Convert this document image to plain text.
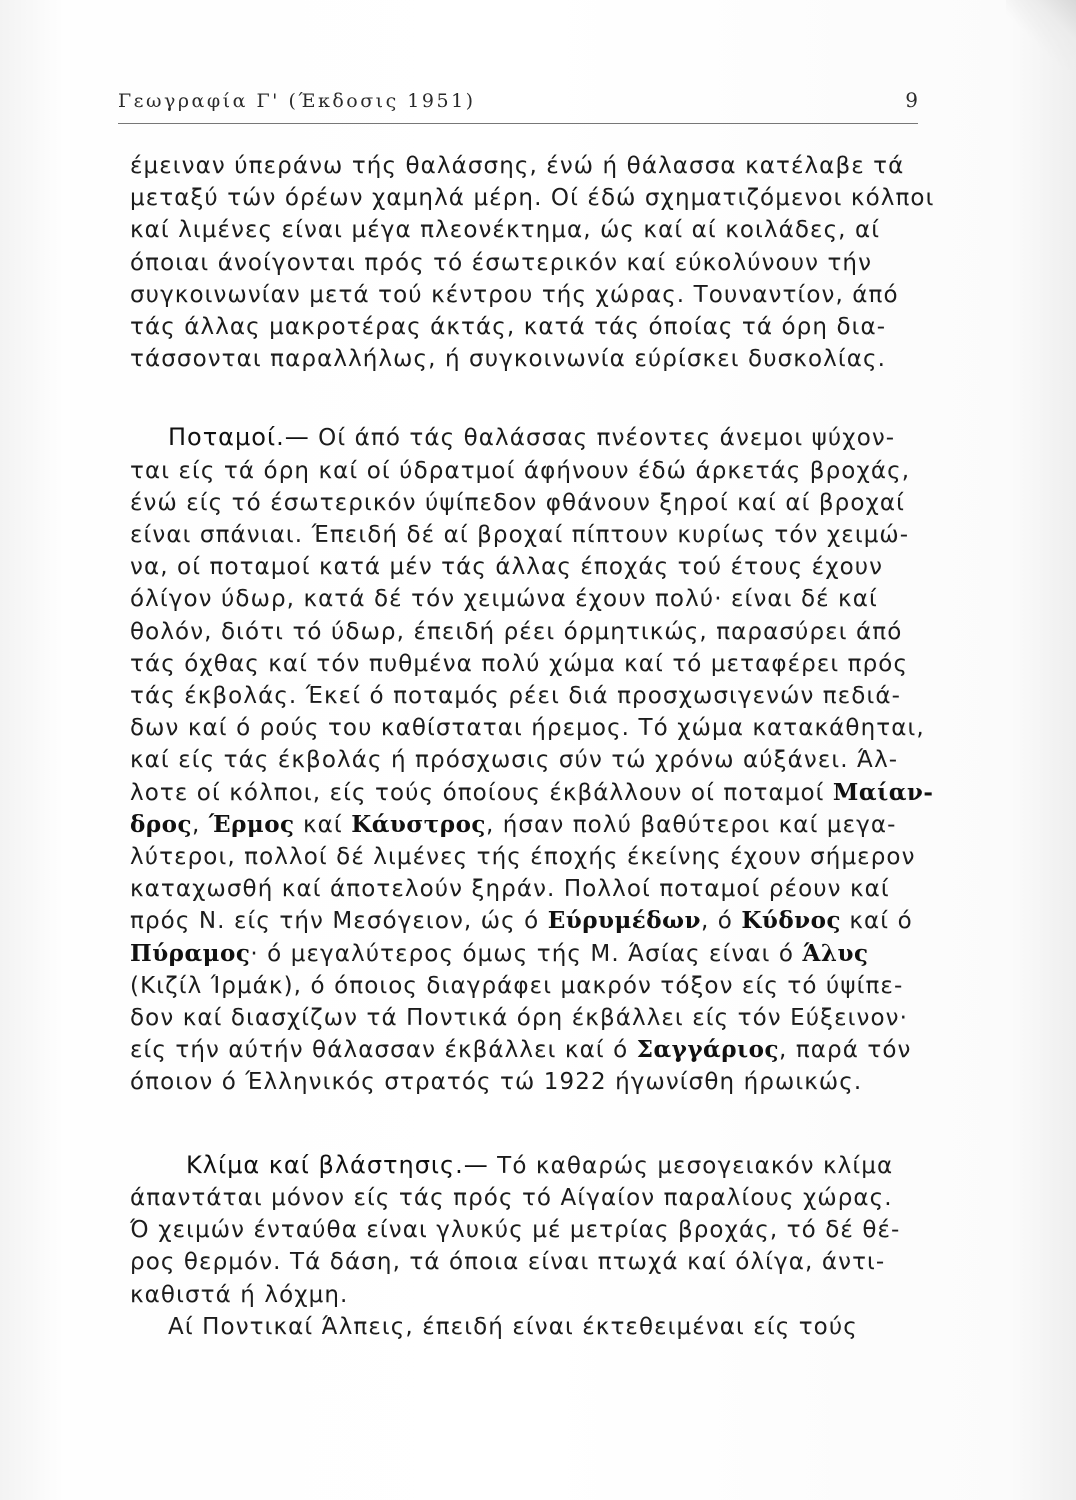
Γεωγραφία Γ' (Έκδοσις 1951)	9
έμειναν ύπεράνω τής θαλάσσης, ένώ ή θάλασσα κατέλαβε τά
μεταξύ τών όρέων χαμηλά μέρη. Οί έδώ σχηματιζόμενοι κόλποι
καί λιμένες είναι μέγα πλεονέκτημα, ώς καί αί κοιλάδες, αί
όποιαι άνοίγονται πρός τό έσωτερικόν καί εύκολύνουν τήν
συγκοινωνίαν μετά τού κέντρου τής χώρας. Τουναντίον, άπό
τάς άλλας μακροτέρας άκτάς, κατά τάς όποίας τά όρη δια-
τάσσονται παραλλήλως, ή συγκοινωνία εύρίσκει δυσκολίας.
Ποταμοί.— Οί άπό τάς θαλάσσας πνέοντες άνεμοι ψύχον-
ται είς τά όρη καί οί ύδρατμοί άφήνουν έδώ άρκετάς βροχάς,
ένώ είς τό έσωτερικόν ύψίπεδον φθάνουν ξηροί καί αί βροχαί
είναι σπάνιαι. Έπειδή δέ αί βροχαί πίπτουν κυρίως τόν χειμώ-
να, οί ποταμοί κατά μέν τάς άλλας έποχάς τού έτους έχουν
όλίγον ύδωρ, κατά δέ τόν χειμώνα έχουν πολύ· είναι δέ καί
θολόν, διότι τό ύδωρ, έπειδή ρέει όρμητικώς, παρασύρει άπό
τάς όχθας καί τόν πυθμένα πολύ χώμα καί τό μεταφέρει πρός
τάς έκβολάς. Έκεί ό ποταμός ρέει διά προσχωσιγενών πεδιά-
δων καί ό ρούς του καθίσταται ήρεμος. Τό χώμα κατακάθηται,
καί είς τάς έκβολάς ή πρόσχωσις σύν τώ χρόνω αύξάνει. Άλ-
λοτε οί κόλποι, είς τούς όποίους έκβάλλουν οί ποταμοί Μαίαν-
δρος, Έρμος καί Κάυστρος, ήσαν πολύ βαθύτεροι καί μεγα-
λύτεροι, πολλοί δέ λιμένες τής έποχής έκείνης έχουν σήμερον
καταχωσθή καί άποτελούν ξηράν. Πολλοί ποταμοί ρέουν καί
πρός Ν. είς τήν Μεσόγειον, ώς ό Εύρυμέδων, ό Κύδνος καί ό
Πύραμος· ό μεγαλύτερος όμως τής Μ. Άσίας είναι ό Άλυς
(Κιζίλ Ίρμάκ), ό όποιος διαγράφει μακρόν τόξον είς τό ύψίπε-
δον καί διασχίζων τά Ποντικά όρη έκβάλλει είς τόν Εύξεινον·
είς τήν αύτήν θάλασσαν έκβάλλει καί ό Σαγγάριος, παρά τόν
όποιον ό Έλληνικός στρατός τώ 1922 ήγωνίσθη ήρωικώς.
Κλίμα καί βλάστησις.— Τό καθαρώς μεσογειακόν κλίμα
άπαντάται μόνον είς τάς πρός τό Αίγαίον παραλίους χώρας.
Ό χειμών ένταύθα είναι γλυκύς μέ μετρίας βροχάς, τό δέ θέ-
ρος θερμόν. Τά δάση, τά όποια είναι πτωχά καί όλίγα, άντι-
καθιστά ή λόχμη.
Αί Ποντικαί Άλπεις, έπειδή είναι έκτεθειμέναι είς τούς
